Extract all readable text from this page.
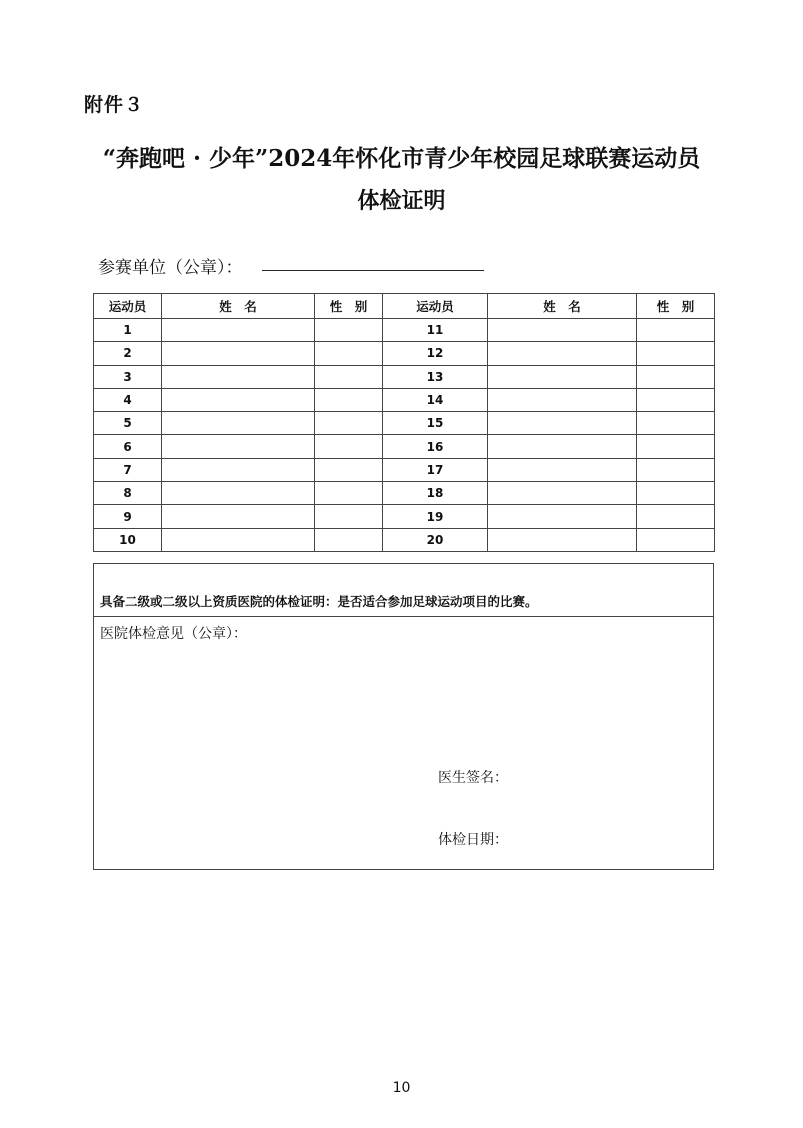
附件３
“奔跑吧 · 少年”2024年怀化市青少年校园足球联赛运动员
体检证明
参赛单位（公章）：
运动员	姓　名	性　别	运动员	姓　名	性　别
1			11		
2			12		
3			13		
4			14		
5			15		
6			16		
7			17		
8			18		
9			19		
10			20		
具备二级或二级以上资质医院的体检证明：是否适合参加足球运动项目的比赛。
医院体检意见（公章）：
医生签名：
体检日期：
10
